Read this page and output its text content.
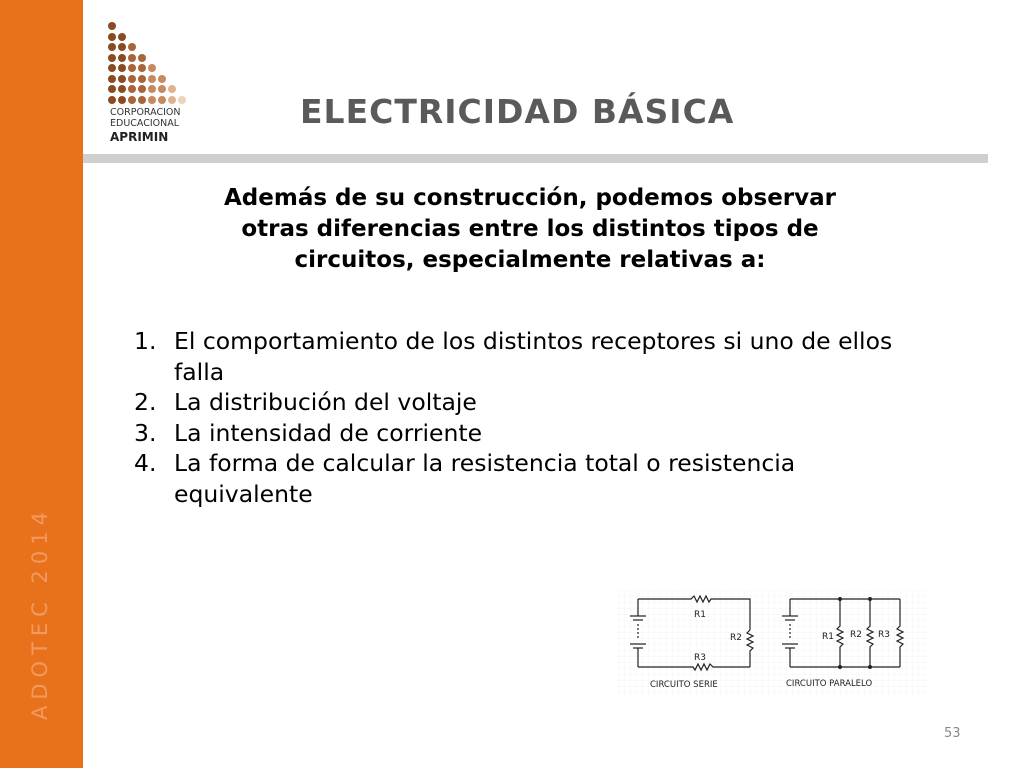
ADOTEC 2014
CORPORACION
EDUCACIONAL
APRIMIN
ELECTRICIDAD BÁSICA
Además de su construcción, podemos observar
otras diferencias entre los distintos tipos de
circuitos, especialmente relativas a:
1. El comportamiento de los distintos receptores si uno de ellos
falla
2. La distribución del voltaje
3. La intensidad de corriente
4. La forma de calcular la resistencia total o resistencia
equivalente
R1
R2
R3
R1 R2 R3
CIRCUITO SERIE	CIRCUITO PARALELO
53
